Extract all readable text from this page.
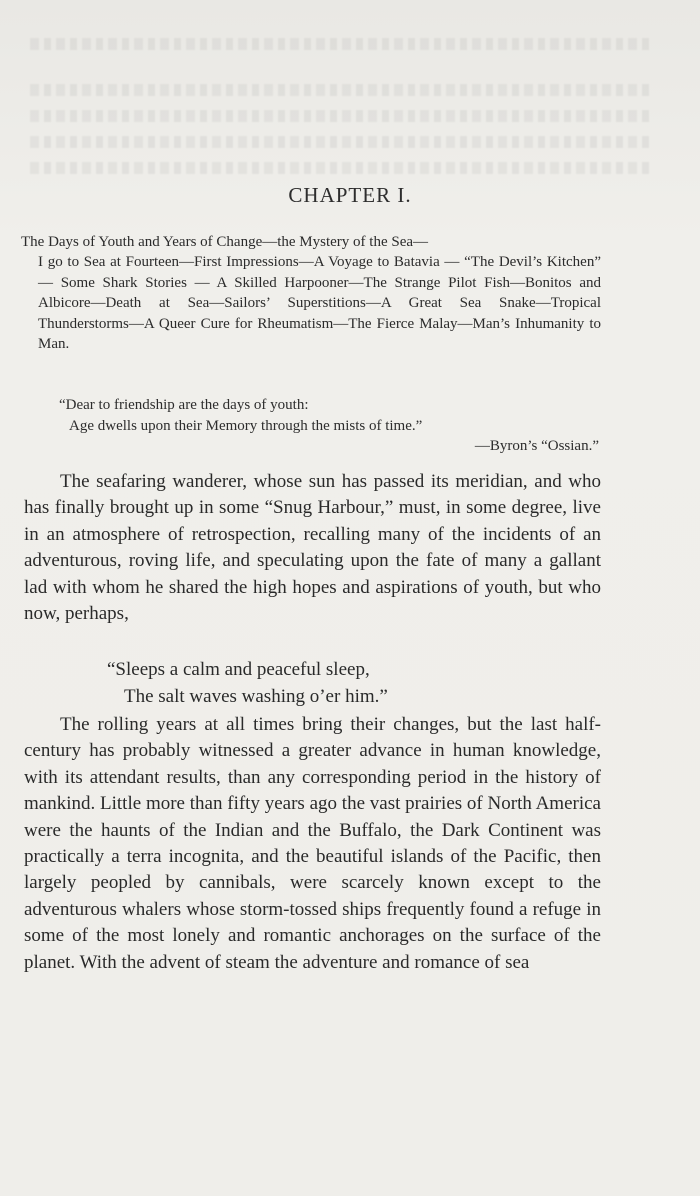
CHAPTER I.
The Days of Youth and Years of Change—the Mystery of the Sea—
I go to Sea at Fourteen—First Impressions—A Voyage to Batavia — “The Devil’s Kitchen” — Some Shark Stories — A Skilled Harpooner—The Strange Pilot Fish—Bonitos and Albicore—Death at Sea—Sailors’ Superstitions—A Great Sea Snake—Tropical Thunderstorms—A Queer Cure for Rheumatism—The Fierce Malay—Man’s Inhumanity to Man.
“Dear to friendship are the days of youth:
Age dwells upon their Memory through the mists of time.”
—Byron’s “Ossian.”
The seafaring wanderer, whose sun has passed its meridian, and who has finally brought up in some “Snug Harbour,” must, in some degree, live in an atmosphere of retrospection, recalling many of the incidents of an adventurous, roving life, and speculating upon the fate of many a gallant lad with whom he shared the high hopes and aspirations of youth, but who now, perhaps,
“Sleeps a calm and peaceful sleep,
The salt waves washing o’er him.”
The rolling years at all times bring their changes, but the last half-century has probably witnessed a greater advance in human knowledge, with its attendant results, than any corresponding period in the history of mankind. Little more than fifty years ago the vast prairies of North America were the haunts of the Indian and the Buffalo, the Dark Continent was practically a terra incognita, and the beautiful islands of the Pacific, then largely peopled by cannibals, were scarcely known except to the adventurous whalers whose storm-tossed ships frequently found a refuge in some of the most lonely and romantic anchorages on the surface of the planet. With the advent of steam the adventure and romance of sea
